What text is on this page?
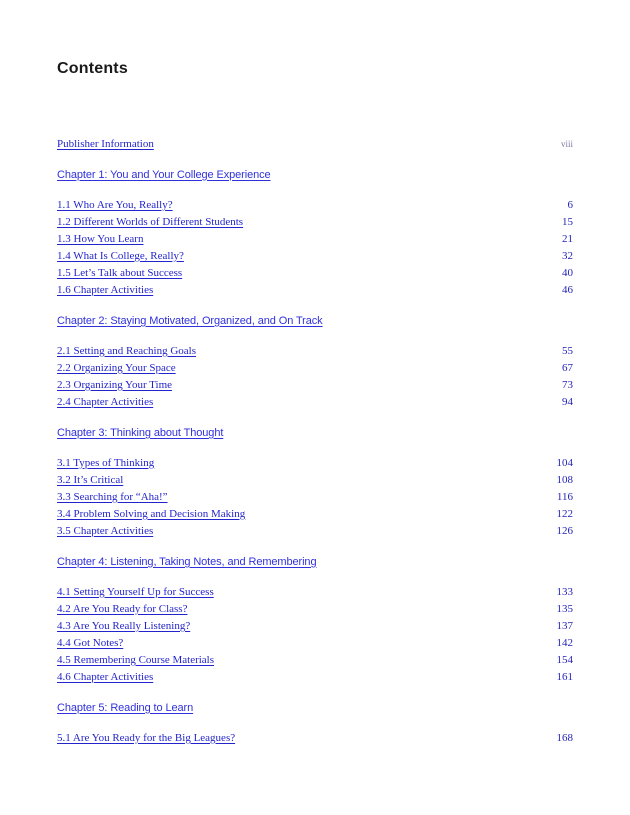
Contents
Publisher Information	viii
Chapter 1: You and Your College Experience
1.1 Who Are You, Really?	6
1.2 Different Worlds of Different Students	15
1.3 How You Learn	21
1.4 What Is College, Really?	32
1.5 Let’s Talk about Success	40
1.6 Chapter Activities	46
Chapter 2: Staying Motivated, Organized, and On Track
2.1 Setting and Reaching Goals	55
2.2 Organizing Your Space	67
2.3 Organizing Your Time	73
2.4 Chapter Activities	94
Chapter 3: Thinking about Thought
3.1 Types of Thinking	104
3.2 It’s Critical	108
3.3 Searching for “Aha!”	116
3.4 Problem Solving and Decision Making	122
3.5 Chapter Activities	126
Chapter 4: Listening, Taking Notes, and Remembering
4.1 Setting Yourself Up for Success	133
4.2 Are You Ready for Class?	135
4.3 Are You Really Listening?	137
4.4 Got Notes?	142
4.5 Remembering Course Materials	154
4.6 Chapter Activities	161
Chapter 5: Reading to Learn
5.1 Are You Ready for the Big Leagues?	168
